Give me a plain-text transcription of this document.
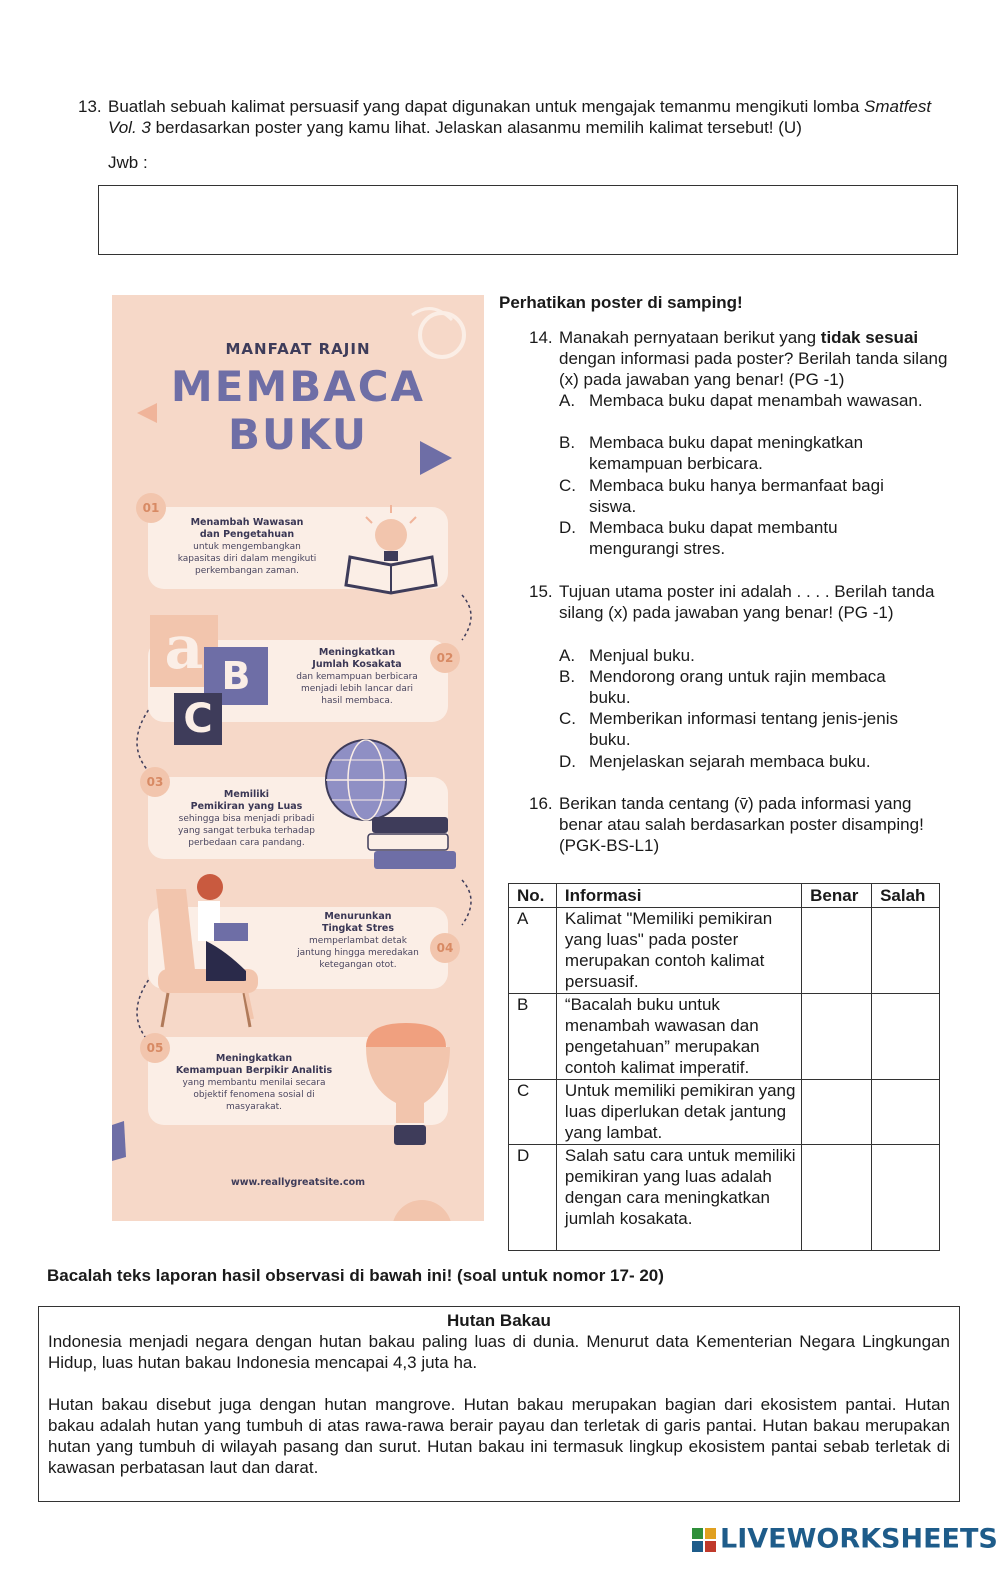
13. Buatlah sebuah kalimat persuasif yang dapat digunakan untuk mengajak temanmu mengikuti lomba Smatfest Vol. 3 berdasarkan poster yang kamu lihat. Jelaskan alasanmu memilih kalimat tersebut! (U)
Jwb :
MANFAAT RAJIN
MEMBACA
BUKU
01
Menambah Wawasan
dan Pengetahuan
untuk mengembangkan
kapasitas diri dalam mengikuti
perkembangan zaman.
02
Meningkatkan
Jumlah Kosakata
dan kemampuan berbicara
menjadi lebih lancar dari
hasil membaca.
a B
C
03
Memiliki
Pemikiran yang Luas
sehingga bisa menjadi pribadi
yang sangat terbuka terhadap
perbedaan cara pandang.
04
Menurunkan
Tingkat Stres
memperlambat detak
jantung hingga meredakan
ketegangan otot.
05
Meningkatkan
Kemampuan Berpikir Analitis
yang membantu menilai secara
objektif fenomena sosial di
masyarakat.
www.reallygreatsite.com
Perhatikan poster di samping!
14. Manakah pernyataan berikut yang tidak sesuai dengan informasi pada poster? Berilah tanda silang (x) pada jawaban yang benar! (PG -1)
A. Membaca buku dapat menambah wawasan.
B. Membaca buku dapat meningkatkan kemampuan berbicara.
C. Membaca buku hanya bermanfaat bagi siswa.
D. Membaca buku dapat membantu mengurangi stres.
15. Tujuan utama poster ini adalah . . . . Berilah tanda silang (x) pada jawaban yang benar! (PG -1)
A. Menjual buku.
B. Mendorong orang untuk rajin membaca buku.
C. Memberikan informasi tentang jenis-jenis buku.
D. Menjelaskan sejarah membaca buku.
16. Berikan tanda centang (v̄) pada informasi yang benar atau salah berdasarkan poster disamping! (PGK-BS-L1)
No.	Informasi	Benar	Salah
A	Kalimat "Memiliki pemikiran yang luas" pada poster merupakan contoh kalimat persuasif.		
B	“Bacalah buku untuk menambah wawasan dan pengetahuan” merupakan contoh kalimat imperatif.		
C	Untuk memiliki pemikiran yang luas diperlukan detak jantung yang lambat.		
D	Salah satu cara untuk memiliki pemikiran yang luas adalah dengan cara meningkatkan jumlah kosakata.		
Bacalah teks laporan hasil observasi di bawah ini! (soal untuk nomor 17- 20)
Hutan Bakau

Indonesia menjadi negara dengan hutan bakau paling luas di dunia. Menurut data Kementerian Negara Lingkungan Hidup, luas hutan bakau Indonesia mencapai 4,3 juta ha.

Hutan bakau disebut juga dengan hutan mangrove. Hutan bakau merupakan bagian dari ekosistem pantai. Hutan bakau adalah hutan yang tumbuh di atas rawa-rawa berair payau dan terletak di garis pantai. Hutan bakau merupakan hutan yang tumbuh di wilayah pasang dan surut. Hutan bakau ini termasuk lingkup ekosistem pantai sebab terletak di kawasan perbatasan laut dan darat.

LIVEWORKSHEETS
